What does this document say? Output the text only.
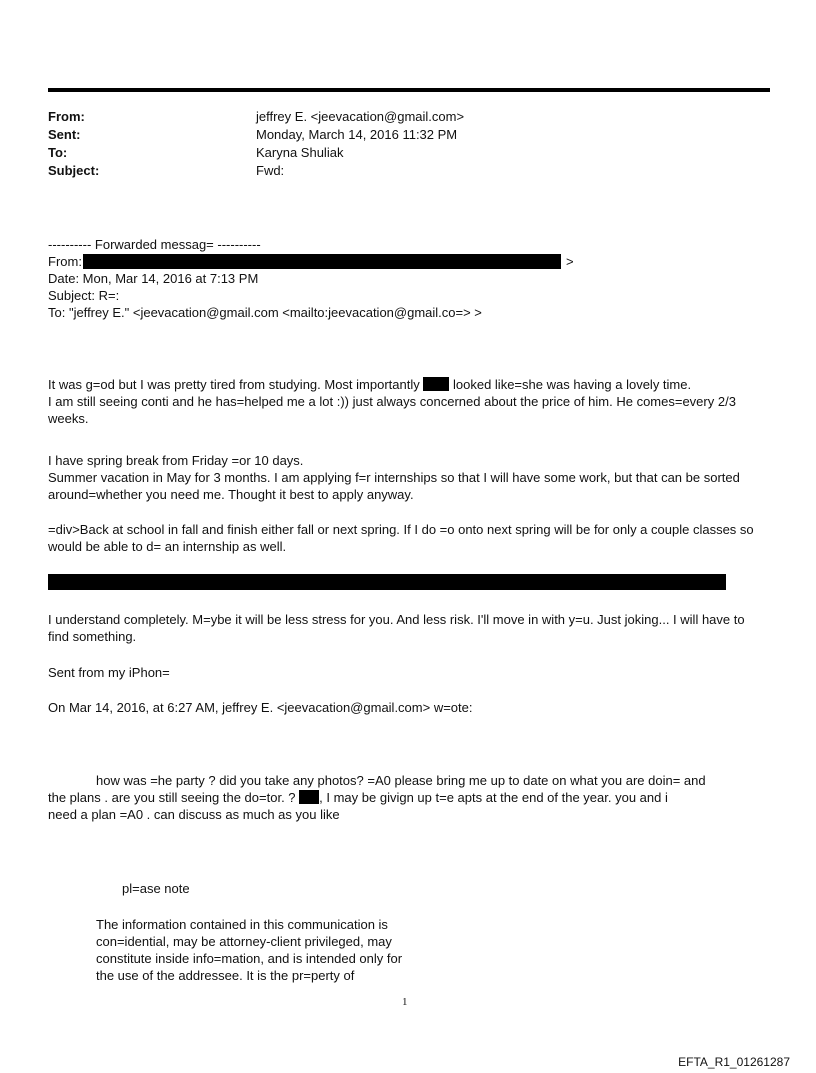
From:	jeffrey E. <jeevacation@gmail.com>
Sent:	Monday, March 14, 2016 11:32 PM
To:	Karyna Shuliak
Subject:	Fwd:
---------- Forwarded messag= ----------
From:	>
Date: Mon, Mar 14, 2016 at 7:13 PM
Subject: R=:
To: "jeffrey E." <jeevacation@gmail.com <mailto:jeevacation@gmail.co=> >

It was g=od but I was pretty tired from studying. Most importantly	looked like=she was having a lovely time.

I am still seeing conti and he has=helped me a lot :)) just always concerned about the price of him. He comes=every 2/3 weeks.

I have spring break from Friday =or 10 days.

Summer vacation in May for 3 months. I am applying f=r internships so that I will have some work, but that can be sorted around=whether you need me. Thought it best to apply anyway.

=div>Back at school in fall and finish either fall or next spring. If I do =o onto next spring will be for only a couple classes so would be able to d= an internship as well.
I understand completely. M=ybe it will be less stress for you. And less risk. I'll move in with y=u. Just joking... I will have to find something.
Sent from my iPhon=
On Mar 14, 2016, at 6:27 AM, jeffrey E. <jeevacation@gmail.com> w=ote:
how was =he party ? did you take any photos? =A0 please bring me up to date on what you are doin= and
the plans . are you still seeing the do=tor. ? , I may be givign up t=e apts at the end of the year. you and i
need a plan =A0 . can discuss as much as you like
pl=ase note
The information contained in this communication is
con=idential, may be attorney-client privileged, may
constitute inside info=mation, and is intended only for
the use of the addressee. It is the pr=perty of
1
EFTA_R1_01261287
